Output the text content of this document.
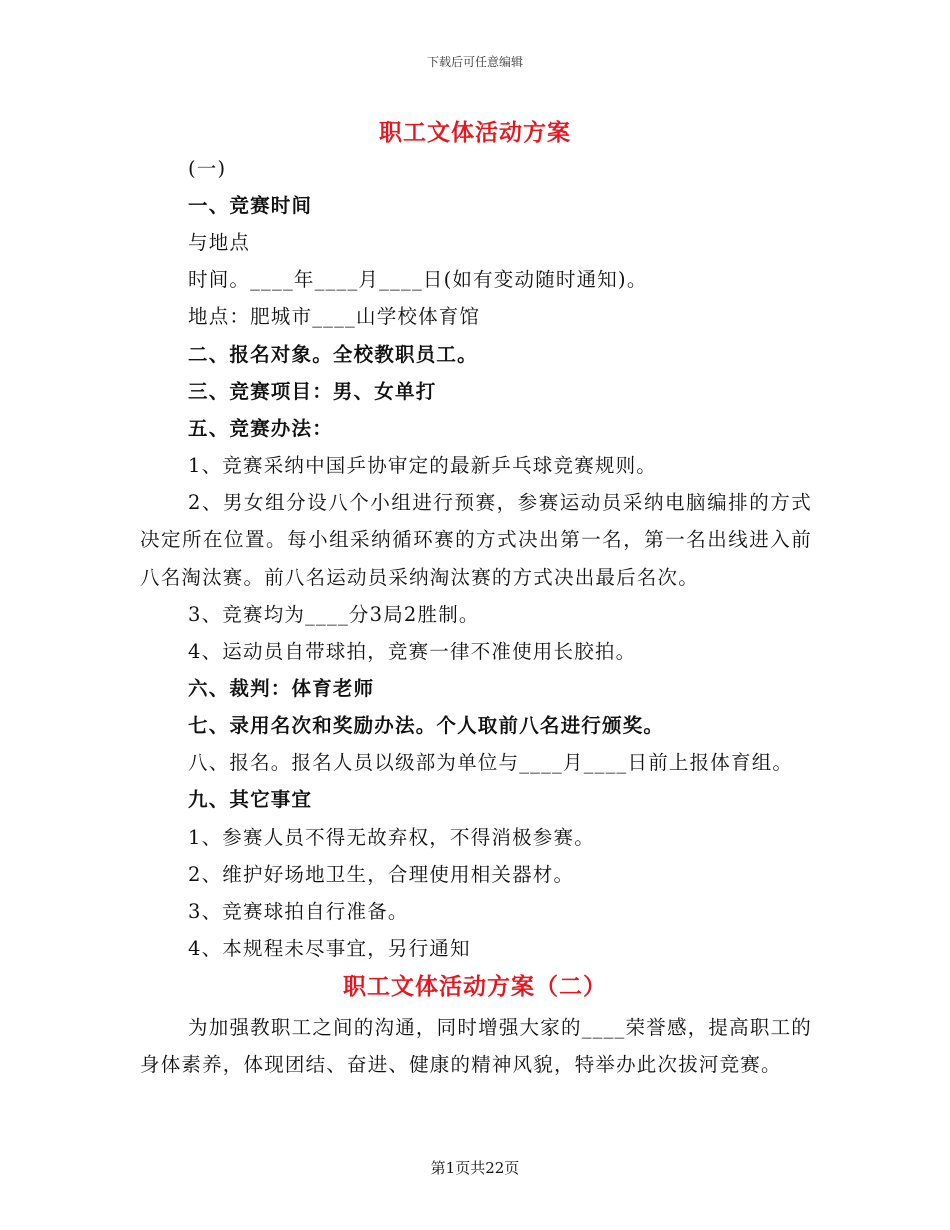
下载后可任意编辑
职工文体活动方案
(一)
一、竞赛时间
与地点
时间。____年____月____日(如有变动随时通知)。
地点：肥城市____山学校体育馆
二、报名对象。全校教职员工。
三、竞赛项目：男、女单打
五、竞赛办法：
1、竞赛采纳中国乒协审定的最新乒乓球竞赛规则。
2、男女组分设八个小组进行预赛，参赛运动员采纳电脑编排的方式决定所在位置。每小组采纳循环赛的方式决出第一名，第一名出线进入前八名淘汰赛。前八名运动员采纳淘汰赛的方式决出最后名次。
3、竞赛均为____分3局2胜制。
4、运动员自带球拍，竞赛一律不准使用长胶拍。
六、裁判：体育老师
七、录用名次和奖励办法。个人取前八名进行颁奖。
八、报名。报名人员以级部为单位与____月____日前上报体育组。
九、其它事宜
1、参赛人员不得无故弃权，不得消极参赛。
2、维护好场地卫生，合理使用相关器材。
3、竞赛球拍自行准备。
4、本规程未尽事宜，另行通知
职工文体活动方案（二）
为加强教职工之间的沟通，同时增强大家的____荣誉感，提高职工的身体素养，体现团结、奋进、健康的精神风貌，特举办此次拔河竞赛。
第1页共22页
